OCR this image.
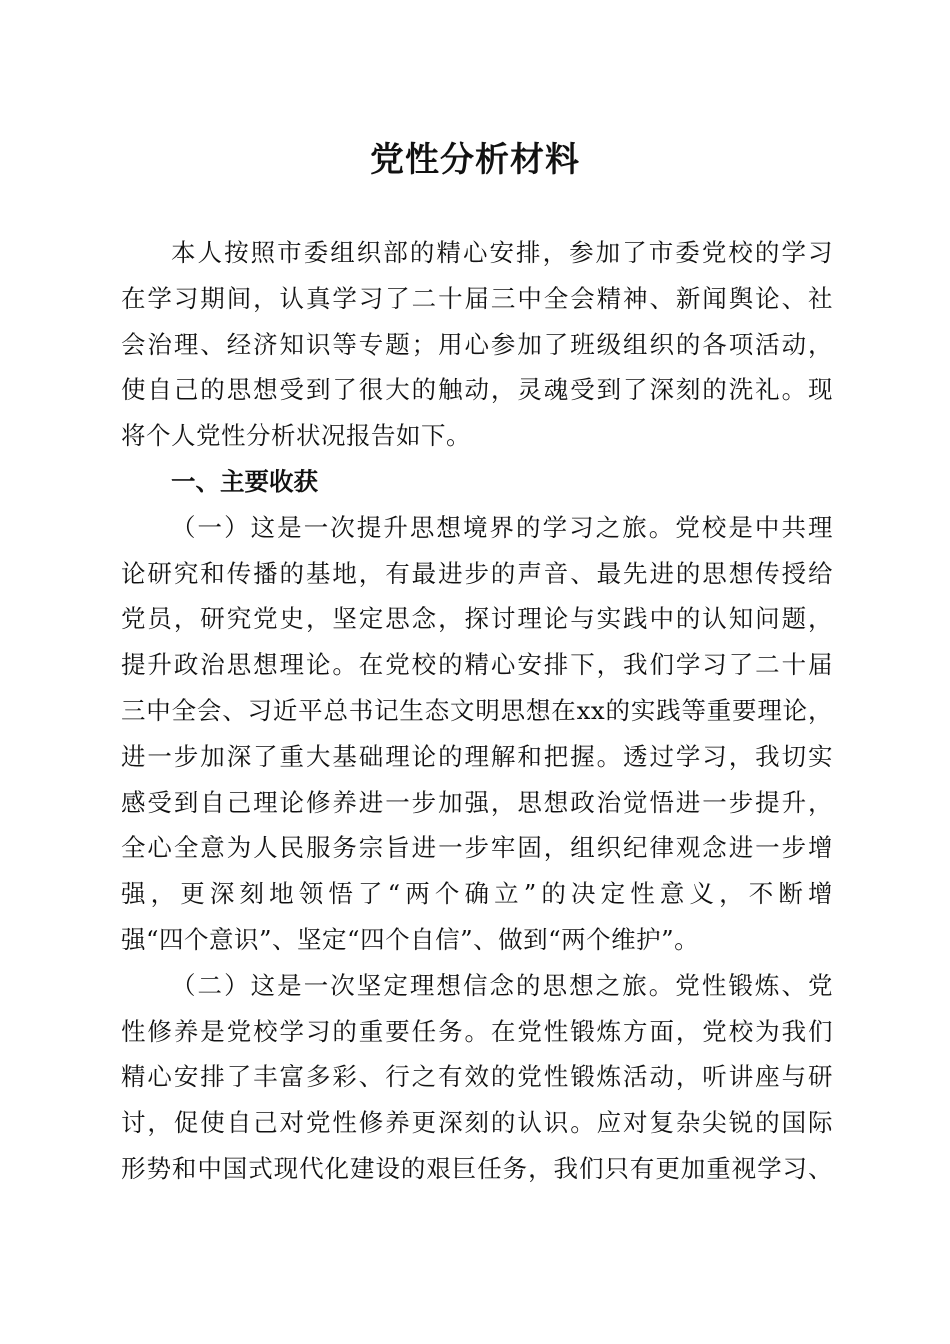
党性分析材料
本人按照市委组织部的精心安排，参加了市委党校的学习
在学习期间，认真学习了二十届三中全会精神、新闻舆论、社
会治理、经济知识等专题；用心参加了班级组织的各项活动，
使自己的思想受到了很大的触动，灵魂受到了深刻的洗礼。现
将个人党性分析状况报告如下。
一、主要收获
（一）这是一次提升思想境界的学习之旅。党校是中共理
论研究和传播的基地，有最进步的声音、最先进的思想传授给
党员，研究党史，坚定思念，探讨理论与实践中的认知问题，
提升政治思想理论。在党校的精心安排下，我们学习了二十届
三中全会、习近平总书记生态文明思想在xx的实践等重要理论，
进一步加深了重大基础理论的理解和把握。透过学习，我切实
感受到自己理论修养进一步加强，思想政治觉悟进一步提升，
全心全意为人民服务宗旨进一步牢固，组织纪律观念进一步增
强，更深刻地领悟了“两个确立”的决定性意义，不断增
强“四个意识”、坚定“四个自信”、做到“两个维护”。
（二）这是一次坚定理想信念的思想之旅。党性锻炼、党
性修养是党校学习的重要任务。在党性锻炼方面，党校为我们
精心安排了丰富多彩、行之有效的党性锻炼活动，听讲座与研
讨，促使自己对党性修养更深刻的认识。应对复杂尖锐的国际
形势和中国式现代化建设的艰巨任务，我们只有更加重视学习、
